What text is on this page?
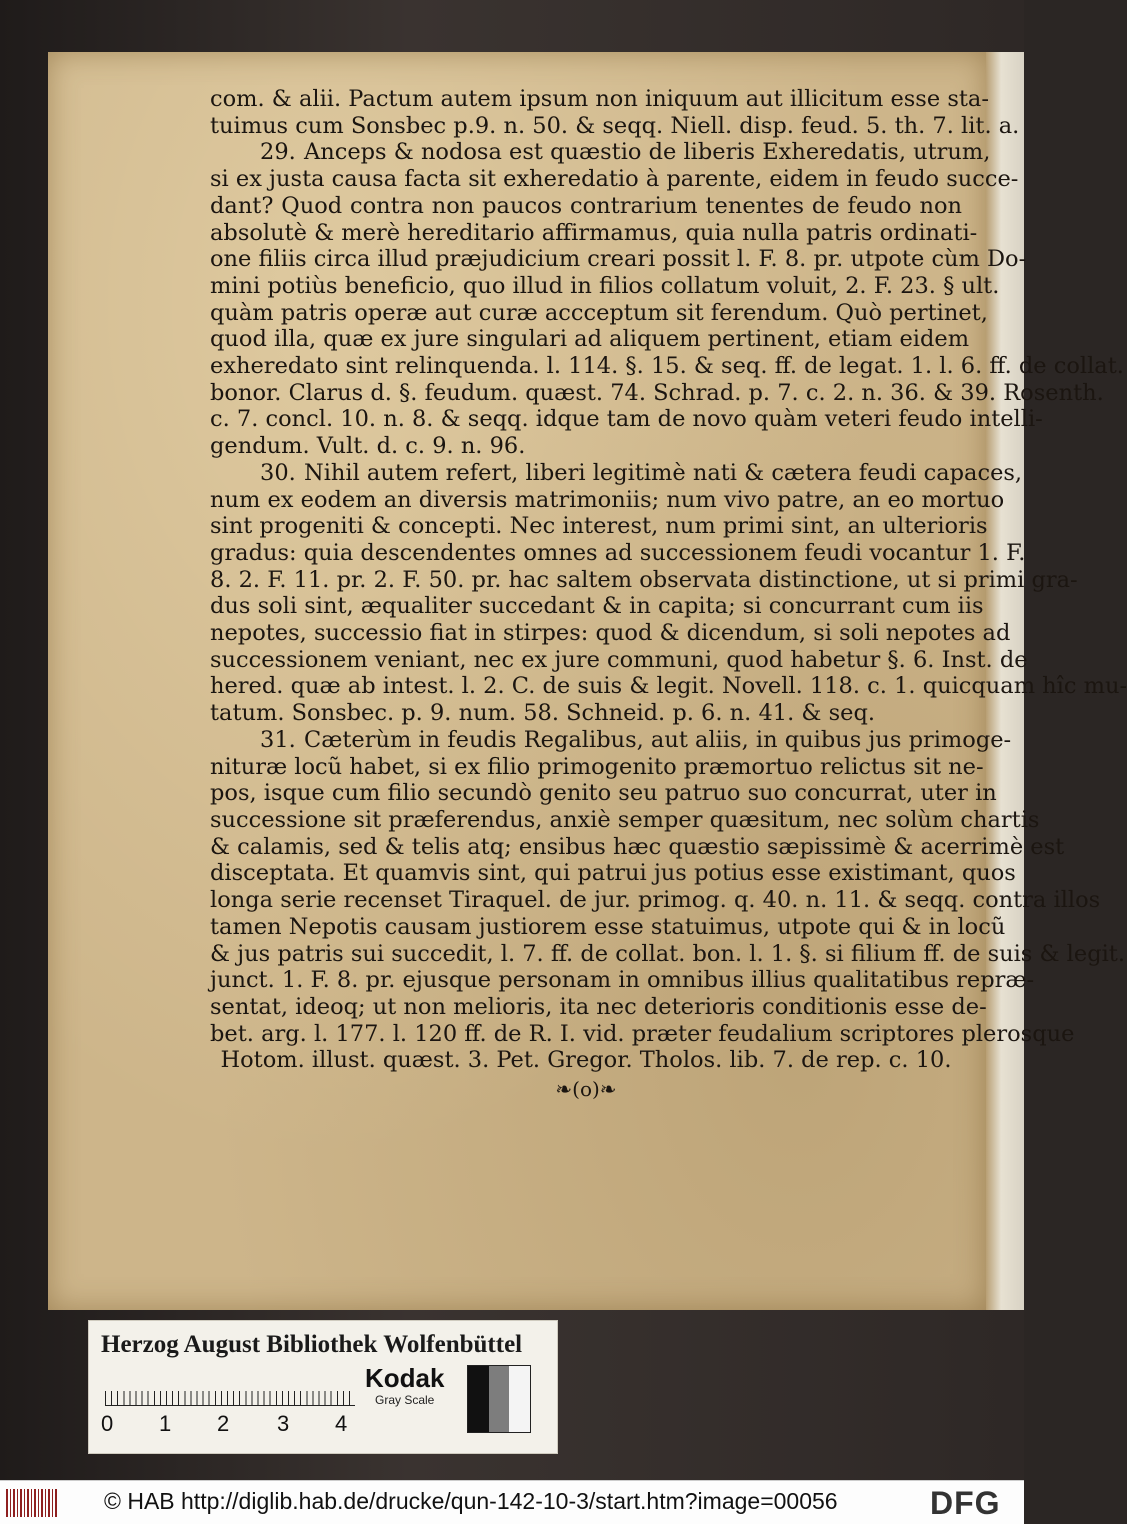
com. & alii. Pactum autem ipsum non iniquum aut illicitum esse sta-
tuimus cum Sonsbec p.9. n. 50. & seqq. Niell. disp. feud. 5. th. 7. lit. a.
29. Anceps & nodosa est quæstio de liberis Exheredatis, utrum,
si ex justa causa facta sit exheredatio à parente, eidem in feudo succe-
dant? Quod contra non paucos contrarium tenentes de feudo non
absolutè & merè hereditario affirmamus, quia nulla patris ordinati-
one filiis circa illud præjudicium creari possit l. F. 8. pr. utpote cùm Do-
mini potiùs beneficio, quo illud in filios collatum voluit, 2. F. 23. § ult.
quàm patris operæ aut curæ accceptum sit ferendum. Quò pertinet,
quod illa, quæ ex jure singulari ad aliquem pertinent, etiam eidem
exheredato sint relinquenda. l. 114. §. 15. & seq. ff. de legat. 1. l. 6. ff. de collat.
bonor. Clarus d. §. feudum. quæst. 74. Schrad. p. 7. c. 2. n. 36. & 39. Rosenth.
c. 7. concl. 10. n. 8. & seqq. idque tam de novo quàm veteri feudo intelli-
gendum. Vult. d. c. 9. n. 96.
30. Nihil autem refert, liberi legitimè nati & cætera feudi capaces,
num ex eodem an diversis matrimoniis; num vivo patre, an eo mortuo
sint progeniti & concepti. Nec interest, num primi sint, an ulterioris
gradus: quia descendentes omnes ad successionem feudi vocantur 1. F.
8. 2. F. 11. pr. 2. F. 50. pr. hac saltem observata distinctione, ut si primi gra-
dus soli sint, æqualiter succedant & in capita; si concurrant cum iis
nepotes, successio fiat in stirpes: quod & dicendum, si soli nepotes ad
successionem veniant, nec ex jure communi, quod habetur §. 6. Inst. de
hered. quæ ab intest. l. 2. C. de suis & legit. Novell. 118. c. 1. quicquam hîc mu-
tatum. Sonsbec. p. 9. num. 58. Schneid. p. 6. n. 41. & seq.
31. Cæterùm in feudis Regalibus, aut aliis, in quibus jus primoge-
nituræ locũ habet, si ex filio primogenito præmortuo relictus sit ne-
pos, isque cum filio secundò genito seu patruo suo concurrat, uter in
successione sit præferendus, anxiè semper quæsitum, nec solùm chartis
& calamis, sed & telis atq; ensibus hæc quæstio sæpissimè & acerrimè est
disceptata. Et quamvis sint, qui patrui jus potius esse existimant, quos
longa serie recenset Tiraquel. de jur. primog. q. 40. n. 11. & seqq. contra illos
tamen Nepotis causam justiorem esse statuimus, utpote qui & in locũ
& jus patris sui succedit, l. 7. ff. de collat. bon. l. 1. §. si filium ff. de suis & legit.
junct. 1. F. 8. pr. ejusque personam in omnibus illius qualitatibus repræ-
sentat, ideoq; ut non melioris, ita nec deterioris conditionis esse de-
bet. arg. l. 177. l. 120 ff. de R. I. vid. præter feudalium scriptores plerosque
Hotom. illust. quæst. 3. Pet. Gregor. Tholos. lib. 7. de rep. c. 10.
❧(o)❧
Herzog August Bibliothek Wolfenbüttel
0 1 2 3 4
Kodak
Gray Scale
© HAB http://diglib.hab.de/drucke/qun-142-10-3/start.htm?image=00056	DFG
